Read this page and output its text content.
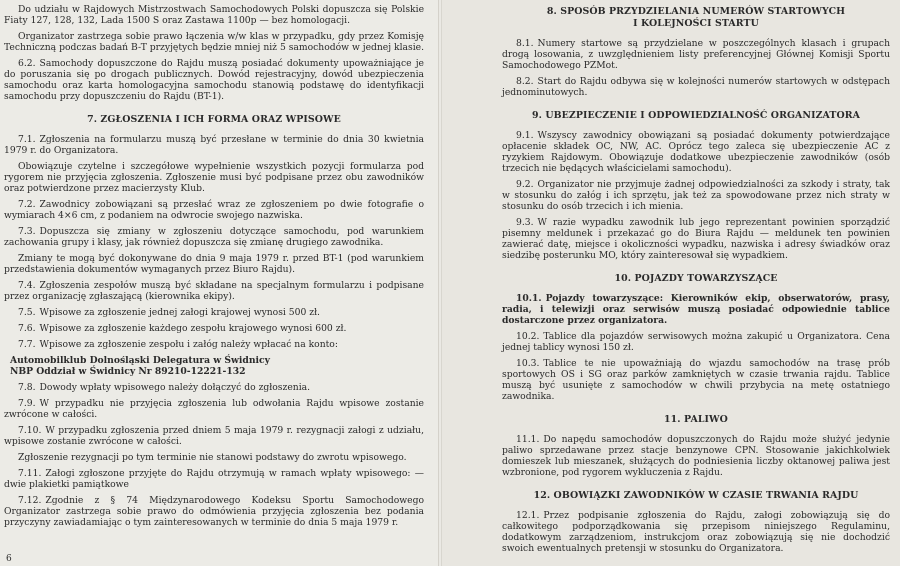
Do udziału w Rajdowych Mistrzostwach Samochodowych Polski dopuszcza się Polskie Fiaty 127, 128, 132, Lada 1500 S oraz Zastawa 1100p — bez homologacji.

Organizator zastrzega sobie prawo łączenia w/w klas w przypadku, gdy przez Komisję Techniczną podczas badań B-T przyjętych będzie mniej niż 5 samochodów w jednej klasie.

6.2. Samochody dopuszczone do Rajdu muszą posiadać dokumenty upoważniające je do poruszania się po drogach publicznych. Dowód rejestracyjny, dowód ubezpieczenia samochodu oraz karta homologacyjna samochodu stanowią podstawę do identyfikacji samochodu przy dopuszczeniu do Rajdu (BT-1).

7. ZGŁOSZENIA I ICH FORMA ORAZ WPISOWE

7.1. Zgłoszenia na formularzu muszą być przesłane w terminie do dnia 30 kwietnia 1979 r. do Organizatora.

Obowiązuje czytelne i szczegółowe wypełnienie wszystkich pozycji formularza pod rygorem nie przyjęcia zgłoszenia. Zgłoszenie musi być podpisane przez obu zawodników oraz potwierdzone przez macierzysty Klub.

7.2. Zawodnicy zobowiązani są przesłać wraz ze zgłoszeniem po dwie fotografie o wymiarach 4×6 cm, z podaniem na odwrocie swojego nazwiska.

7.3. Dopuszcza się zmiany w zgłoszeniu dotyczące samochodu, pod warunkiem zachowania grupy i klasy, jak również dopuszcza się zmianę drugiego zawodnika.

Zmiany te mogą być dokonywane do dnia 9 maja 1979 r. przed BT-1 (pod warunkiem przedstawienia dokumentów wymaganych przez Biuro Rajdu).

7.4. Zgłoszenia zespołów muszą być składane na specjalnym formularzu i podpisane przez organizację zgłaszającą (kierownika ekipy).

7.5. Wpisowe za zgłoszenie jednej załogi krajowej wynosi 500 zł.

7.6. Wpisowe za zgłoszenie każdego zespołu krajowego wynosi 600 zł.

7.7. Wpisowe za zgłoszenie zespołu i załóg należy wpłacać na konto:

Automobilklub Dolnośląski Delegatura w Świdnicy
NBP Oddział w Świdnicy Nr 89210-12221-132

7.8. Dowody wpłaty wpisowego należy dołączyć do zgłoszenia.

7.9. W przypadku nie przyjęcia zgłoszenia lub odwołania Rajdu wpisowe zostanie zwrócone w całości.

7.10. W przypadku zgłoszenia przed dniem 5 maja 1979 r. rezygnacji załogi z udziału, wpisowe zostanie zwrócone w całości.

Zgłoszenie rezygnacji po tym terminie nie stanowi podstawy do zwrotu wpisowego.

7.11. Załogi zgłoszone przyjęte do Rajdu otrzymują w ramach wpłaty wpisowego: — dwie plakietki pamiątkowe

7.12. Zgodnie z § 74 Międzynarodowego Kodeksu Sportu Samochodowego Organizator zastrzega sobie prawo do odmówienia przyjęcia zgłoszenia bez podania przyczyny zawiadamiając o tym zainteresowanych w terminie do dnia 5 maja 1979 r.

6
8. SPOSÓB PRZYDZIELANIA NUMERÓW STARTOWYCH
I KOLEJNOŚCI STARTU

8.1. Numery startowe są przydzielane w poszczególnych klasach i grupach drogą losowania, z uwzględnieniem listy preferencyjnej Głównej Komisji Sportu Samochodowego PZMot.

8.2. Start do Rajdu odbywa się w kolejności numerów startowych w odstępach jednominutowych.

9. UBEZPIECZENIE I ODPOWIEDZIALNOŚĆ ORGANIZATORA

9.1. Wszyscy zawodnicy obowiązani są posiadać dokumenty potwierdzające opłacenie składek OC, NW, AC. Oprócz tego zaleca się ubezpieczenie AC z ryzykiem Rajdowym. Obowiązuje dodatkowe ubezpieczenie zawodników (osób trzecich nie będących właścicielami samochodu).

9.2. Organizator nie przyjmuje żadnej odpowiedzialności za szkody i straty, tak w stosunku do załóg i ich sprzętu, jak też za spowodowane przez nich straty w stosunku do osób trzecich i ich mienia.

9.3. W razie wypadku zawodnik lub jego reprezentant powinien sporządzić pisemny meldunek i przekazać go do Biura Rajdu — meldunek ten powinien zawierać datę, miejsce i okoliczności wypadku, nazwiska i adresy świadków oraz siedzibę posterunku MO, który zainteresował się wypadkiem.

10. POJAZDY TOWARZYSZĄCE

10.1. Pojazdy towarzyszące: Kierowników ekip, obserwatorów, prasy, radia, i telewizji oraz serwisów muszą posiadać odpowiednie tablice dostarczone przez organizatora.

10.2. Tablice dla pojazdów serwisowych można zakupić u Organizatora. Cena jednej tablicy wynosi 150 zł.

10.3. Tablice te nie upoważniają do wjazdu samochodów na trasę prób sportowych OS i SG oraz parków zamkniętych w czasie trwania rajdu. Tablice muszą być usunięte z samochodów w chwili przybycia na metę ostatniego zawodnika.

11. PALIWO

11.1. Do napędu samochodów dopuszczonych do Rajdu może służyć jedynie paliwo sprzedawane przez stacje benzynowe CPN. Stosowanie jakichkolwiek domieszek lub mieszanek, służących do podniesienia liczby oktanowej paliwa jest wzbronione, pod rygorem wykluczenia z Rajdu.

12. OBOWIĄZKI ZAWODNIKÓW W CZASIE TRWANIA RAJDU

12.1. Przez podpisanie zgłoszenia do Rajdu, załogi zobowiązują się do całkowitego podporządkowania się przepisom niniejszego Regulaminu, dodatkowym zarządzeniom, instrukcjom oraz zobowiązują się nie dochodzić swoich ewentualnych pretensji w stosunku do Organizatora.
